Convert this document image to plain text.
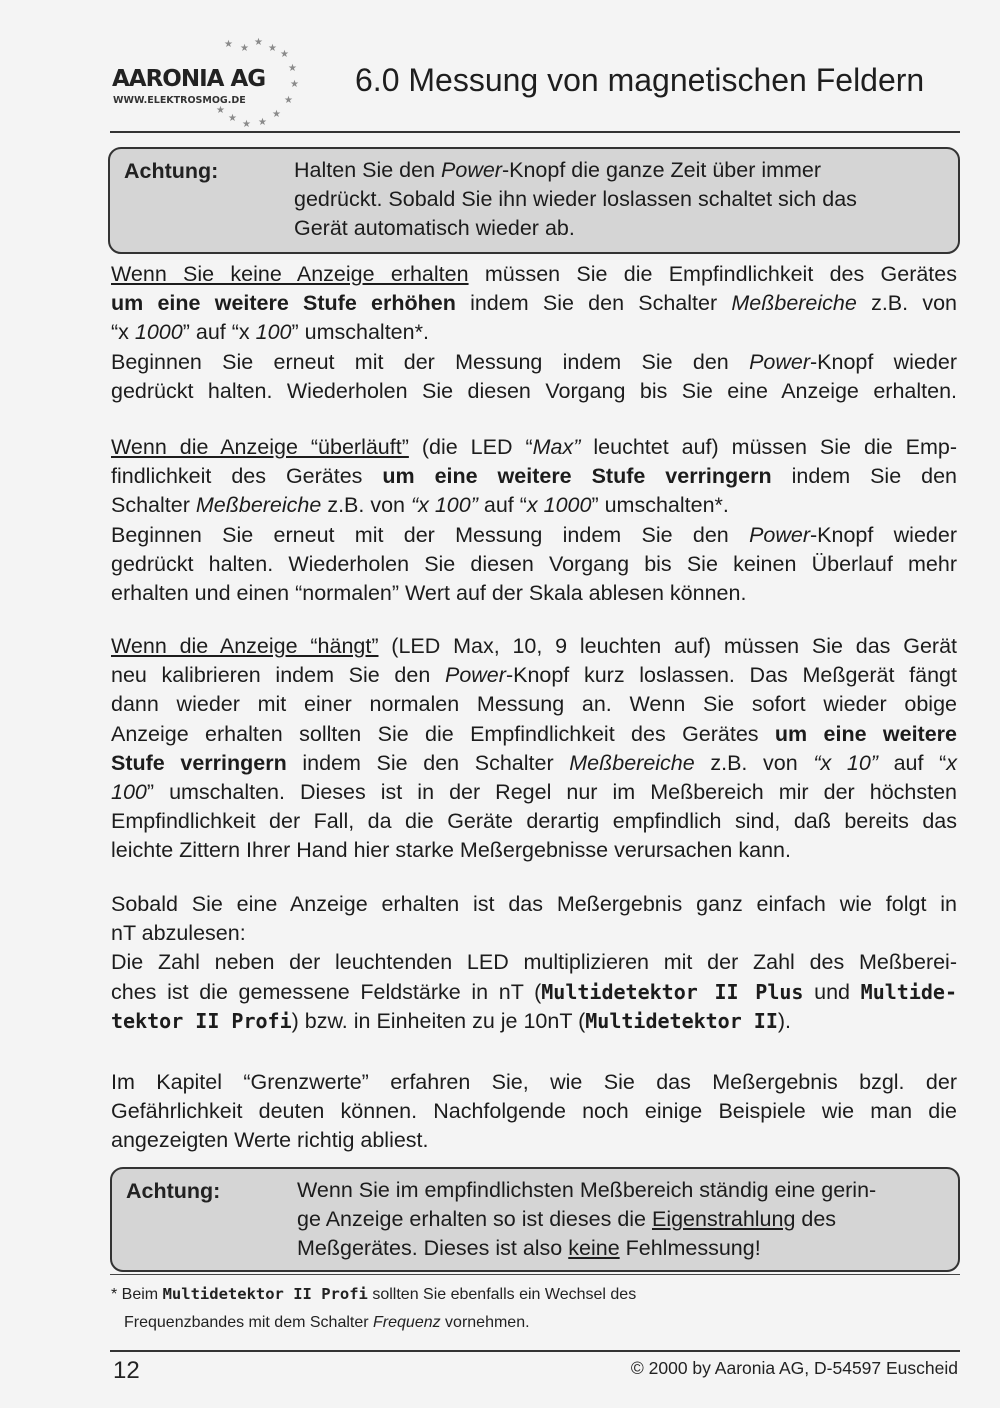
★ ★
★
★
★
★
★
★
★
★
★
★
★
AARONIA AG
WWW.ELEKTROSMOG.DE
6.0 Messung von magnetischen Feldern
Achtung:	Halten Sie den Power-Knopf die ganze Zeit über immer
gedrückt. Sobald Sie ihn wieder loslassen schaltet sich das
Gerät automatisch wieder ab.
Wenn Sie keine Anzeige erhalten müssen Sie die Empfindlichkeit des Gerätes
um eine weitere Stufe erhöhen indem Sie den Schalter Meßbereiche z.B. von
“x 1000” auf “x 100” umschalten*.
Beginnen Sie erneut mit der Messung indem Sie den Power-Knopf wieder
gedrückt halten. Wiederholen Sie diesen Vorgang bis Sie eine Anzeige erhalten.
Wenn die Anzeige “überläuft” (die LED “Max” leuchtet auf) müssen Sie die Emp-
findlichkeit des Gerätes um eine weitere Stufe verringern indem Sie den
Schalter Meßbereiche z.B. von “x 100” auf “x 1000” umschalten*.
Beginnen Sie erneut mit der Messung indem Sie den Power-Knopf wieder
gedrückt halten. Wiederholen Sie diesen Vorgang bis Sie keinen Überlauf mehr
erhalten und einen “normalen” Wert auf der Skala ablesen können.
Wenn die Anzeige “hängt” (LED Max, 10, 9 leuchten auf) müssen Sie das Gerät
neu kalibrieren indem Sie den Power-Knopf kurz loslassen. Das Meßgerät fängt
dann wieder mit einer normalen Messung an. Wenn Sie sofort wieder obige
Anzeige erhalten sollten Sie die Empfindlichkeit des Gerätes um eine weitere
Stufe verringern indem Sie den Schalter Meßbereiche z.B. von “x 10” auf “x
100” umschalten. Dieses ist in der Regel nur im Meßbereich mir der höchsten
Empfindlichkeit der Fall, da die Geräte derartig empfindlich sind, daß bereits das
leichte Zittern Ihrer Hand hier starke Meßergebnisse verursachen kann.
Sobald Sie eine Anzeige erhalten ist das Meßergebnis ganz einfach wie folgt in
nT abzulesen:
Die Zahl neben der leuchtenden LED multiplizieren mit der Zahl des Meßberei-
ches ist die gemessene Feldstärke in nT (Multidetektor II Plus und Multide-
tektor II Profi) bzw. in Einheiten zu je 10nT (Multidetektor II).
Im Kapitel “Grenzwerte” erfahren Sie, wie Sie das Meßergebnis bzgl. der
Gefährlichkeit deuten können. Nachfolgende noch einige Beispiele wie man die
angezeigten Werte richtig abliest.
Achtung:	Wenn Sie im empfindlichsten Meßbereich ständig eine gerin-
ge Anzeige erhalten so ist dieses die Eigenstrahlung des
Meßgerätes. Dieses ist also keine Fehlmessung!
* Beim Multidetektor II Profi sollten Sie ebenfalls ein Wechsel des
Frequenzbandes mit dem Schalter Frequenz vornehmen.
12	© 2000 by Aaronia AG, D-54597 Euscheid
